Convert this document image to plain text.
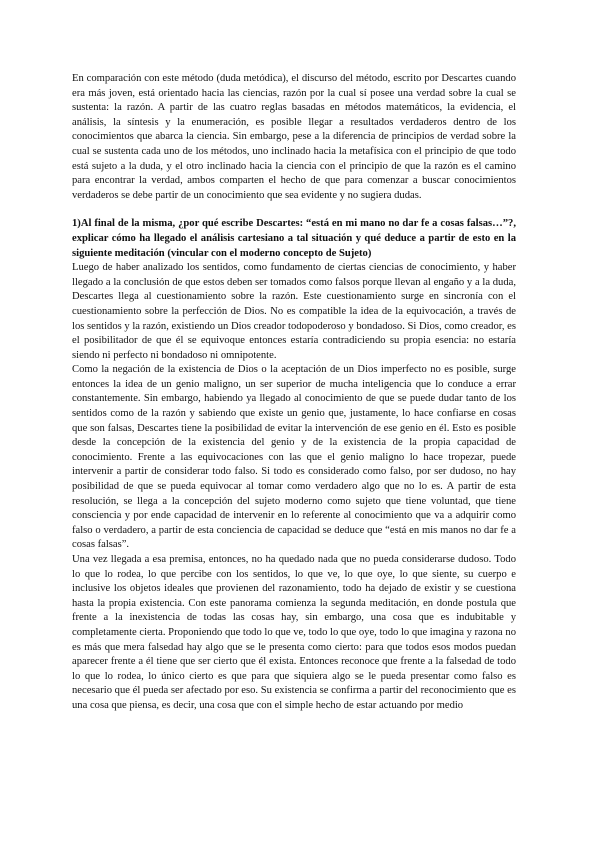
En comparación con este método (duda metódica), el discurso del método, escrito por Descartes cuando era más joven, está orientado hacia las ciencias, razón por la cual sí posee una verdad sobre la cual se sustenta: la razón. A partir de las cuatro reglas basadas en métodos matemáticos, la evidencia, el análisis, la síntesis y la enumeración, es posible llegar a resultados verdaderos dentro de los conocimientos que abarca la ciencia. Sin embargo, pese a la diferencia de principios de verdad sobre la cual se sustenta cada uno de los métodos, uno inclinado hacia la metafísica con el principio de que todo está sujeto a la duda, y el otro inclinado hacia la ciencia con el principio de que la razón es el camino para encontrar la verdad, ambos comparten el hecho de que para comenzar a buscar conocimientos verdaderos se debe partir de un conocimiento que sea evidente y no sugiera dudas.

1)Al final de la misma, ¿por qué escribe Descartes: “está en mi mano no dar fe a cosas falsas…”?, explicar cómo ha llegado el análisis cartesiano a tal situación y qué deduce a partir de esto en la siguiente meditación (vincular con el moderno concepto de Sujeto)

Luego de haber analizado los sentidos, como fundamento de ciertas ciencias de conocimiento, y haber llegado a la conclusión de que estos deben ser tomados como falsos porque llevan al engaño y a la duda, Descartes llega al cuestionamiento sobre la razón. Este cuestionamiento surge en sincronía con el cuestionamiento sobre la perfección de Dios. No es compatible la idea de la equivocación, a través de los sentidos y la razón, existiendo un Dios creador todopoderoso y bondadoso. Si Dios, como creador, es el posibilitador de que él se equivoque entonces estaría contradiciendo su propia esencia: no estaría siendo ni perfecto ni bondadoso ni omnipotente.

Como la negación de la existencia de Dios o la aceptación de un Dios imperfecto no es posible, surge entonces la idea de un genio maligno, un ser superior de mucha inteligencia que lo conduce a errar constantemente. Sin embargo, habiendo ya llegado al conocimiento de que se puede dudar tanto de los sentidos como de la razón y sabiendo que existe un genio que, justamente, lo hace confiarse en cosas que son falsas, Descartes tiene la posibilidad de evitar la intervención de ese genio en él. Esto es posible desde la concepción de la existencia del genio y de la existencia de la propia capacidad de conocimiento. Frente a las equivocaciones con las que el genio maligno lo hace tropezar, puede intervenir a partir de considerar todo falso. Si todo es considerado como falso, por ser dudoso, no hay posibilidad de que se pueda equivocar al tomar como verdadero algo que no lo es. A partir de esta resolución, se llega a la concepción del sujeto moderno como sujeto que tiene voluntad, que tiene consciencia y por ende capacidad de intervenir en lo referente al conocimiento que va a adquirir como falso o verdadero, a partir de esta conciencia de capacidad se deduce que “está en mis manos no dar fe a cosas falsas”.

Una vez llegada a esa premisa, entonces, no ha quedado nada que no pueda considerarse dudoso. Todo lo que lo rodea, lo que percibe con los sentidos, lo que ve, lo que oye, lo que siente, su cuerpo e inclusive los objetos ideales que provienen del razonamiento, todo ha dejado de existir y se cuestiona hasta la propia existencia. Con este panorama comienza la segunda meditación, en donde postula que frente a la inexistencia de todas las cosas hay, sin embargo, una cosa que es indubitable y completamente cierta. Proponiendo que todo lo que ve, todo lo que oye, todo lo que imagina y razona no es más que mera falsedad hay algo que se le presenta como cierto: para que todos esos modos puedan aparecer frente a él tiene que ser cierto que él exista. Entonces reconoce que frente a la falsedad de todo lo que lo rodea, lo único cierto es que para que siquiera algo se le pueda presentar como falso es necesario que él pueda ser afectado por eso. Su existencia se confirma a partir del reconocimiento que es una cosa que piensa, es decir, una cosa que con el simple hecho de estar actuando por medio
